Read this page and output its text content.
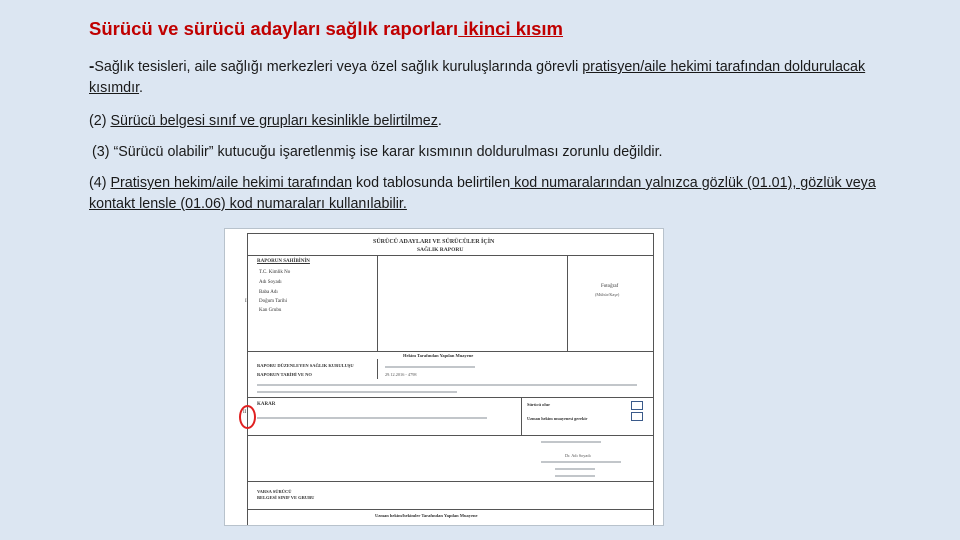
Sürücü ve sürücü adayları sağlık raporları ikinci kısım
-Sağlık tesisleri, aile sağlığı merkezleri veya özel sağlık kuruluşlarında görevli pratisyen/aile hekimi tarafından doldurulacak kısımdır.
(2) Sürücü belgesi sınıf ve grupları kesinlikle belirtilmez.
(3) “Sürücü olabilir” kutucuğu işaretlenmiş ise karar kısmının doldurulması zorunlu değildir.
(4) Pratisyen hekim/aile hekimi tarafından kod tablosunda belirtilen kod numaralarından yalnızca gözlük (01.01), gözlük veya kontakt lensle (01.06) kod numaraları kullanılabilir.
SÜRÜCÜ ADAYLARI VE SÜRÜCÜLER İÇİN
SAĞLIK RAPORU
RAPORUN SAHİBİNİN
T.C. Kimlik No
Adı Soyadı
Baba Adı
Doğum Tarihi
Kan Grubu
I
Fotoğraf
(Mühür/Kaşe)
Hekim Tarafından Yapılan Muayene
RAPORU DÜZENLEYEN SAĞLIK KURULUŞU
RAPORUN TARİHİ VE NO	29.12.2016 - 4798
KARAR
II
Sürücü olur
Uzman hekim muayenesi gerekir
Dr. Adı Soyadı
VARSA SÜRÜCÜ
BELGESİ SINIF VE GRUBU
Uzman hekim/hekimler Tarafından Yapılan Muayene
